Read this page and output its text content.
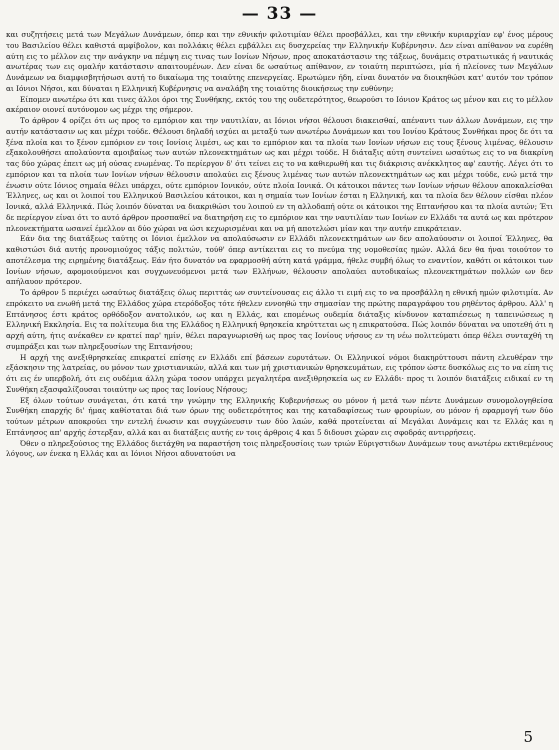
— 33 —

και συζητήσεις μετά των Μεγάλων Δυνάμεων, όπερ και την εθνικήν φιλοτιμίαν θέλει προσβάλλει, και την εθνικήν κυριαρχίαν εφ' ένος μέρους του Βασιλείου θέλει καθιστά αμφίβολον, και πολλάκις θέλει εμβάλλει εις δυσχερείας την Ελληνικήν Κυβέρνησιν. Δεν είναι απίθανον να ευρέθη αύτη εις το μέλλον εις την ανάγκην να πέμψη εις τινας των Ιονίων Νήσων, προς αποκατάστασιν της τάξεως, δυνάμεις στρατιωτικάς ή ναυτικάς ανωτέρας των εις ομαλήν κατάστασιν απαιτουμένων. Δεν είναι δε ωσαύτως απίθανον, εν τοιαύτη περιπτώσει, μία ή πλείονες των Μεγάλων Δυνάμεων να διαμφισβητήσωσι αυτή το δικαίωμα της τοιαύτης επενεργείας. Ερωτώμεν ήδη, είναι δυνατόν να διοικηθώσι κατ' αυτόν τον τρόπον αι Ιόνιοι Νήσοι, και δύναται η Ελληνική Κυβέρνησις να αναλάβη της τοιαύτης διοικήσεως την ευθύνην;

Είπομεν ανωτέρω ότι και τινες άλλοι όροι της Συνθήκης, εκτός του της ουδετερότητος, θεωρούσι το Ιόνιον Κράτος ως μένον και εις το μέλλον ακέραιον οιονεί αυτόνομον ως μέχρι της σήμερον.

Το άρθρον 4 ορίζει ότι ως προς το εμπόριον και την ναυτιλίαν, αι Ιόνιοι νήσοι θέλουσι διακεισθαί, απέναντι των άλλων Δυνάμεων, εις την αυτήν κατάστασιν ως και μέχρι τούδε. Θέλουσι δηλαδή ισχύει αι μεταξύ των ανωτέρω Δυνάμεων και του Ιονίου Κράτους Συνθήκαι προς δε ότι τα ξένα πλοία και το ξένον εμπόριον εν τοις Ιονίοις λιμέσι, ως και το εμπόριον και τα πλοία των Ιονίων νήσων εις τους ξένους λιμένας, θέλουσιν εξακολουθήσει απολαύοντα αμοιβαίως των αυτών πλεονεκτημάτων ως και μέχρι τούδε. Η διάταξις αύτη συντείνει ωσαύτως εις το να διακρίνη τας δύο χώρας έπειτ ως μή ούσας ενωμένας. Το περίεργον δ' ότι τείνει εις το να καθιερωθή και τις διάκρισις ανέκκλητος αφ' εαυτής. Λέγει ότι το εμπόριον και τα πλοία των Ιονίων νήσων θέλουσιν απολαύει εις ξένους λιμένας των αυτών πλεονεκτημάτων ως και μέχρι τούδε, ενώ μετά την ένωσιν ούτε Ιόνιος σημαία θέλει υπάρχει, ούτε εμπόριον Ιονικόν, ούτε πλοία Ιονικά. Οι κάτοικοι πάντες των Ιονίων νήσων θέλουν αποκαλείσθαι Έλληνες, ως και οι λοιποί του Ελληνικού Βασιλείου κάτοικοι, και η σημαία των Ιονίων έσται η Ελληνική, και τα πλοία δεν θέλουν είσθαι πλέον Ιονικά, αλλά Ελληνικά. Πώς λοιπόν δύναται να διακριθώσι του λοιπού εν τη αλλοδαπή ούτε οι κάτοικοι της Επτανήσου και τα πλοία αυτών; Έτι δε περίεργον είναι ότι το αυτό άρθρον προσπαθεί να διατηρήση εις το εμπόριον και την ναυτιλίαν των Ιονίων εν Ελλάδι τα αυτά ως και πρότερον πλεονεκτήματα ωσανεί έμελλον αι δύο χώραι να ώσι κεχωρισμέναι και να μή αποτελώσι μίαν και την αυτήν επικράτειαν.

Εάν δια της διατάξεως ταύτης οι Ιόνιοι έμελλον να απολαύσωσιν εν Ελλάδι πλεονεκτημάτων ων δεν απολαύουσιν οι λοιποί Έλληνες, θα καθιστώσι διά αυτής προνομιούχος τάξις πολιτών, τούθ' όπερ αντίκειται εις το πνεύμα της νομοθεσίας ημών. Αλλά δεν θα ήναι τοιούτον το αποτέλεσμα της ειρημένης διατάξεως. Εάν ήτο δυνατόν να εφαρμοσθή αύτη κατά γράμμα, ήθελε συμβή όλως το εναντίον, καθότι οι κάτοικοι των Ιονίων νήσων, αφομοιούμενοι και συγχωνευόμενοι μετά των Ελλήνων, θέλουσιν απολαύει αυτοδικαίως πλεονεκτημάτων πολλών ων δεν απήλαυον πρότερον.

Το άρθρον 5 περιέχει ωσαύτως διατάξεις όλως περιττάς ων συντείνουσας εις άλλο τι ειμή εις το να προσβάλλη η εθνική ημών φιλοτιμία. Αν επρόκειτο να ενωθή μετά της Ελλάδος χώρα ετερόδοξος τότε ήθελεν εννοηθώ την σημασίαν της πρώτης παραγράφου του ρηθέντος άρθρου. Αλλ' η Επτάνησος έστι κράτος ορθόδοξον ανατολικόν, ως και η Ελλάς, και επομένως ουδεμία διάταξις κίνδυνον καταπιέσεως η ταπεινώσεως η Ελληνική Εκκλησία. Εις τα πολίτευμα δια της Ελλάδος η Ελληνική θρησκεία κηρύττεται ως η επικρατούσα. Πώς λοιπόν δύναται να υποτεθή ότι η αρχή αύτη, ήτις ανέκαθεν εν κρατεί παρ' ημίν, θέλει παραγνωρισθή ως προς τας Ιονίους νήσους εν τη νέω πολιτεύματι όπερ θέλει συνταχθή τη συμπράξει και των πληρεξουσίων της Επτανήσου;

Η αρχή της ανεξιθρησκείας επικρατεί επίσης εν Ελλάδι επί βάσεων ευρυτάτων. Οι Ελληνικοί νόμοι διακηρύττουσι πάντη ελευθέραν την εξάσκησιν της λατρείας, ου μόνον των χριστιανικών, αλλά και των μή χριστιανικών θρησκευμάτων, εις τρόπον ώστε δυσκόλως εις το να είπη τις ότι εις έν υπερβολή, ότι εις ουδέμια άλλη χώρα τοσον υπάρχει μεγαλητέρα ανεξιθρησκεία ως εν Ελλάδι· προς τι λοιπόν διατάξεις ειδικαί εν τη Συνθήκη εξασφαλίζουσαι τοιαύτην ως προς τας Ιονίους Νήσους;

Εξ όλων τούτων συνάγεται, ότι κατά την γνώμην της Ελληνικής Κυβερνήσεως ου μόνον ή μετά των πέντε Δυνάμεων συνομολογηθείσα Συνθήκη επαρχής δι' ήμας καθίσταται διά των όρων της ουδετερότητος και της καταδαφίσεως των φρουρίων, ου μόνον ή εφαρμογή των δύο τούτων μέτρων αποκρούει την εντελή ένωσιν και συγχώνευσιν των δύο λαών, καθά προτείνεται αί Μεγάλαι Δυνάμεις και τε Ελλάς και η Επτάνησος απ' αρχής έστερξαν, αλλά και αι διατάξεις αυτής εν τοις άρθροις 4 και 5 διδουσι χώραν εις σφοδράς αντιρρήσεις.

Όθεν ο πληρεξούσιος της Ελλάδος διετάχθη να παραστήση τοις πληρεξουσίοις των τριών Εύριγστιδων Δυνάμεων τους ανωτέρω εκτιθεμένους λόγους, ων ένεκα η Ελλάς και αι Ιόνιοι Νήσοι αδυνατούσι να

5
